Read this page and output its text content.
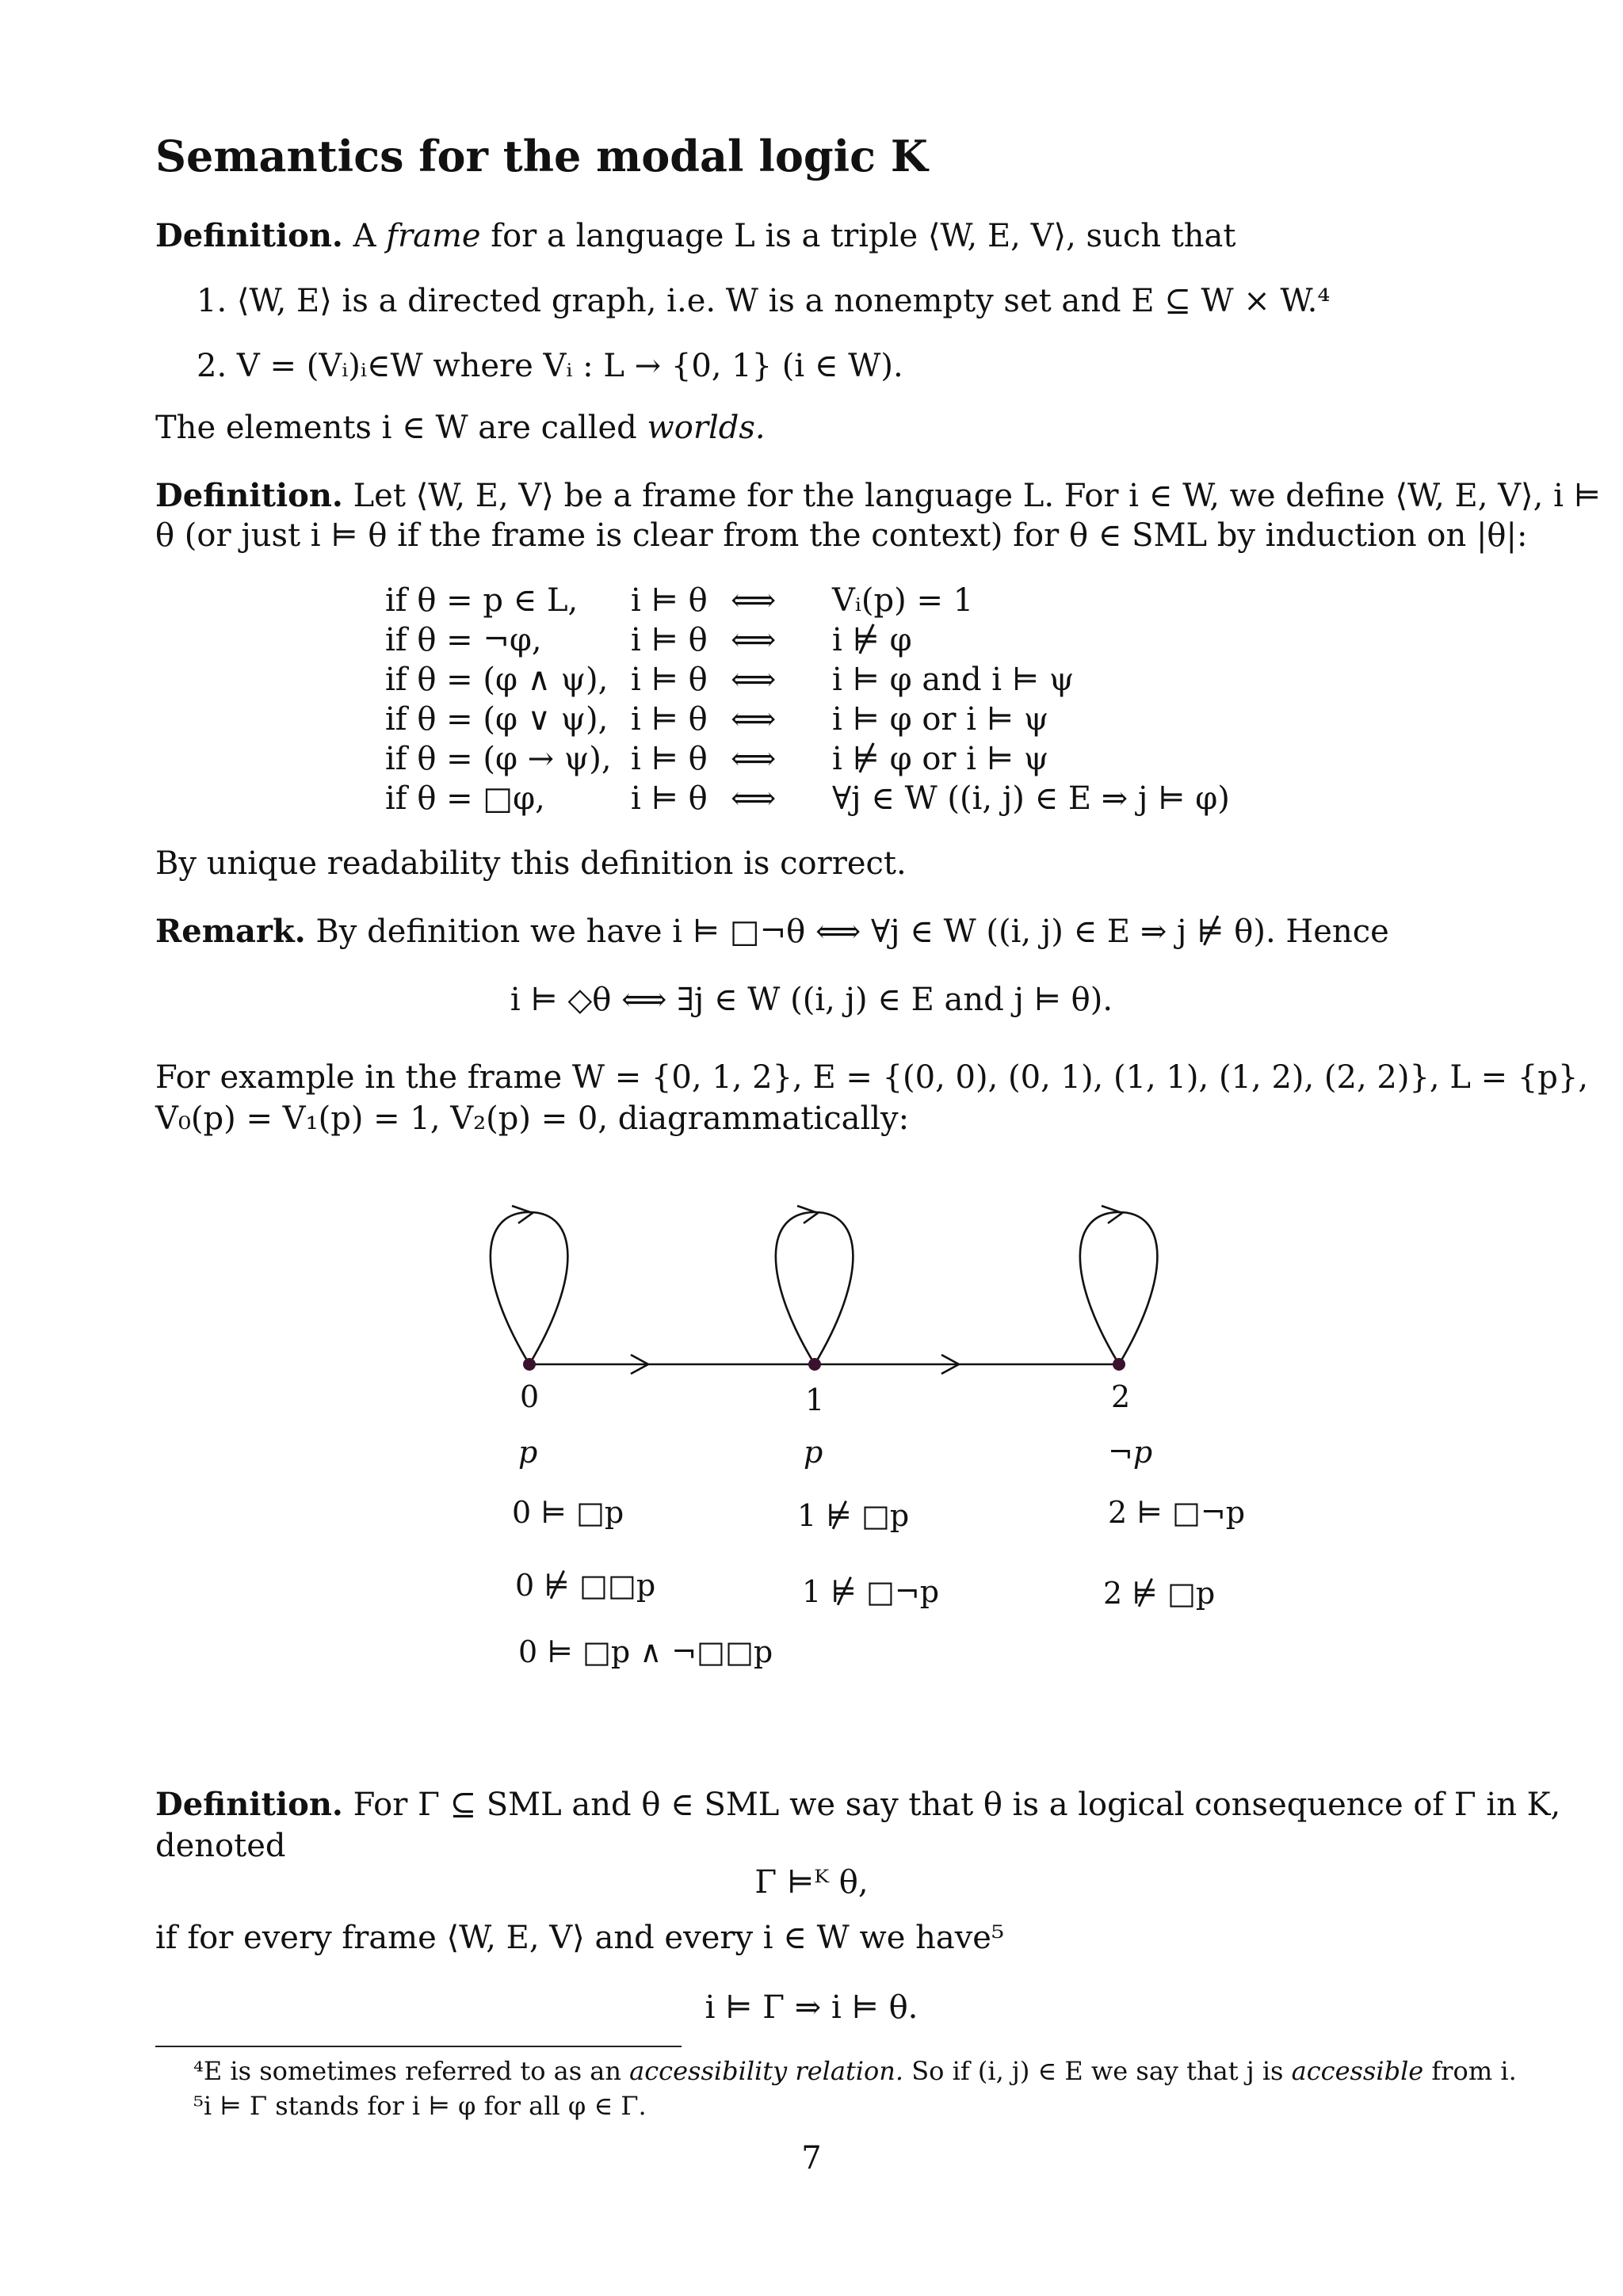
Semantics for the modal logic K
Definition. A frame for a language L is a triple ⟨W, E, V⟩, such that
1. ⟨W, E⟩ is a directed graph, i.e. W is a nonempty set and E ⊆ W × W.⁴
2. V = (Vᵢ)ᵢ∈W where Vᵢ : L → {0, 1} (i ∈ W).
The elements i ∈ W are called worlds.
Definition. Let ⟨W, E, V⟩ be a frame for the language L. For i ∈ W, we define ⟨W, E, V⟩, i ⊨
θ (or just i ⊨ θ if the frame is clear from the context) for θ ∈ SML by induction on |θ|:
if θ = p ∈ L, i ⊨ θ ⟺ Vᵢ(p) = 1
if θ = ¬φ,	i ⊨ θ ⟺ i ⊭ φ
if θ = (φ ∧ ψ), i ⊨ θ ⟺ i ⊨ φ and i ⊨ ψ
if θ = (φ ∨ ψ), i ⊨ θ ⟺ i ⊨ φ or i ⊨ ψ
if θ = (φ → ψ), i ⊨ θ ⟺ i ⊭ φ or i ⊨ ψ
if θ = □φ,	i ⊨ θ ⟺ ∀j ∈ W ((i, j) ∈ E ⇒ j ⊨ φ)
By unique readability this definition is correct.
Remark. By definition we have i ⊨ □¬θ ⟺ ∀j ∈ W ((i, j) ∈ E ⇒ j ⊭ θ). Hence
i ⊨ ◇θ ⟺ ∃j ∈ W ((i, j) ∈ E and j ⊨ θ).
For example in the frame W = {0, 1, 2}, E = {(0, 0), (0, 1), (1, 1), (1, 2), (2, 2)}, L = {p},
V₀(p) = V₁(p) = 1, V₂(p) = 0, diagrammatically:
0	1	2
p	p	¬p
0 ⊨ □p
0 ⊭ □□p
0 ⊨ □p ∧ ¬□□p
1 ⊭ □p
1 ⊭ □¬p
2 ⊨ □¬p
2 ⊭ □p
Definition. For Γ ⊆ SML and θ ∈ SML we say that θ is a logical consequence of Γ in K,
denoted
Γ ⊨ᴷ θ,
if for every frame ⟨W, E, V⟩ and every i ∈ W we have⁵
i ⊨ Γ ⇒ i ⊨ θ.
⁴E is sometimes referred to as an accessibility relation. So if (i, j) ∈ E we say that j is accessible from i.
⁵i ⊨ Γ stands for i ⊨ φ for all φ ∈ Γ.
7
